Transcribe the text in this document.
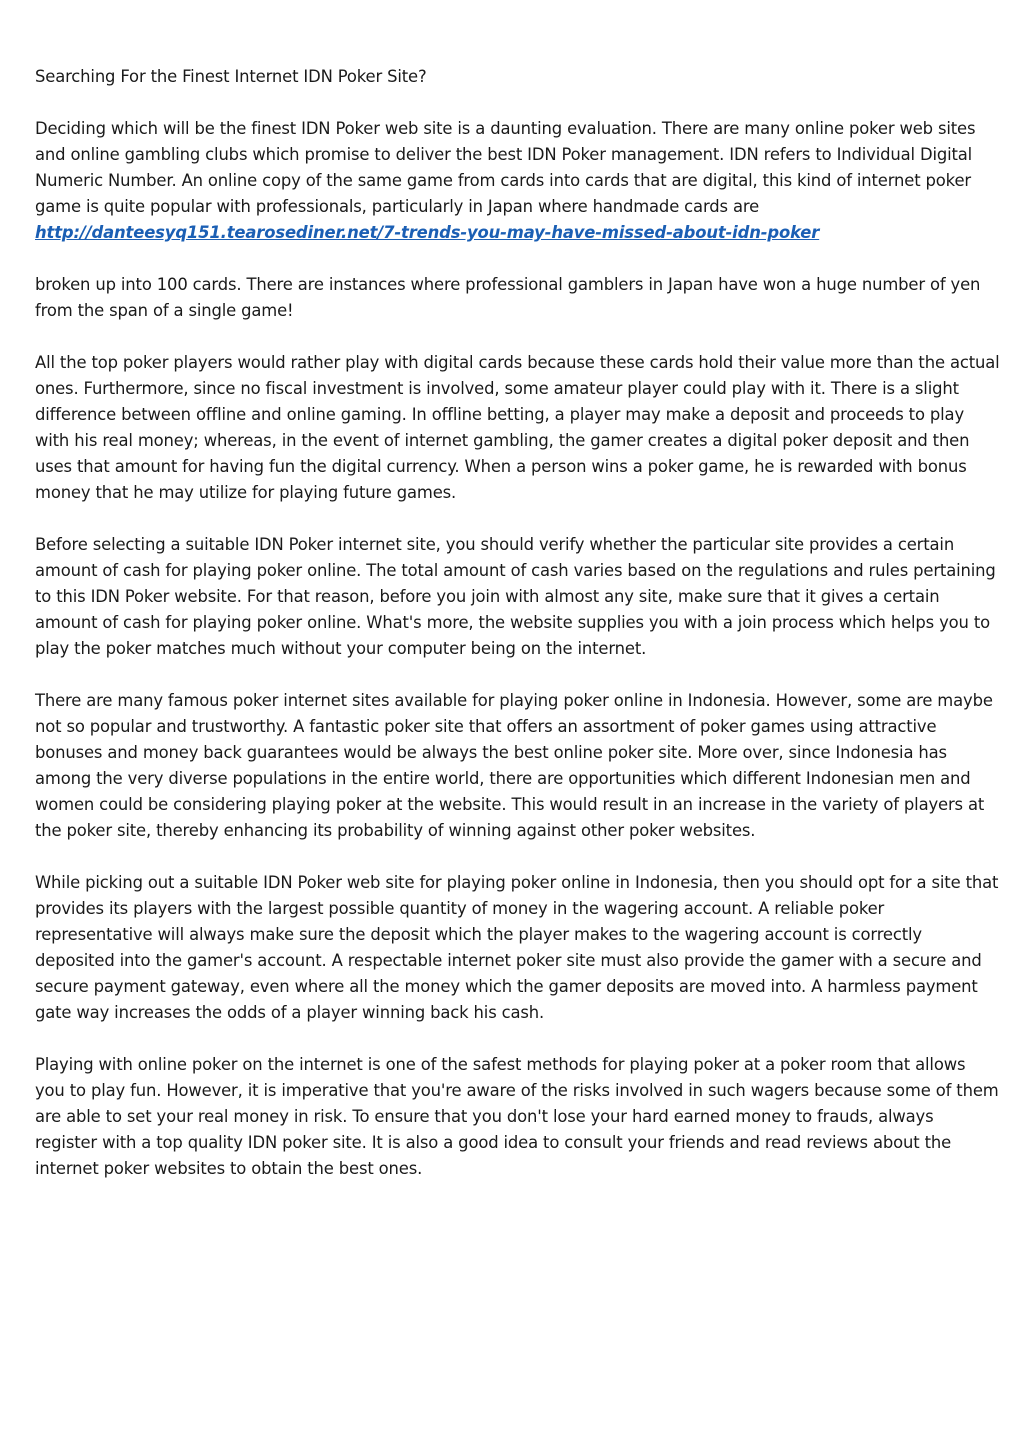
Searching For the Finest Internet IDN Poker Site?

Deciding which will be the finest IDN Poker web site is a daunting evaluation. There are many online poker web sites and online gambling clubs which promise to deliver the best IDN Poker management. IDN refers to Individual Digital Numeric Number. An online copy of the same game from cards into cards that are digital, this kind of internet poker game is quite popular with professionals, particularly in Japan where handmade cards are

http://danteesyq151.tearosediner.net/7-trends-you-may-have-missed-about-idn-poker

broken up into 100 cards. There are instances where professional gamblers in Japan have won a huge number of yen from the span of a single game!

All the top poker players would rather play with digital cards because these cards hold their value more than the actual ones. Furthermore, since no fiscal investment is involved, some amateur player could play with it. There is a slight difference between offline and online gaming. In offline betting, a player may make a deposit and proceeds to play with his real money; whereas, in the event of internet gambling, the gamer creates a digital poker deposit and then uses that amount for having fun the digital currency. When a person wins a poker game, he is rewarded with bonus money that he may utilize for playing future games.

Before selecting a suitable IDN Poker internet site, you should verify whether the particular site provides a certain amount of cash for playing poker online. The total amount of cash varies based on the regulations and rules pertaining to this IDN Poker website. For that reason, before you join with almost any site, make sure that it gives a certain amount of cash for playing poker online. What's more, the website supplies you with a join process which helps you to play the poker matches much without your computer being on the internet.

There are many famous poker internet sites available for playing poker online in Indonesia. However, some are maybe not so popular and trustworthy. A fantastic poker site that offers an assortment of poker games using attractive bonuses and money back guarantees would be always the best online poker site. More over, since Indonesia has among the very diverse populations in the entire world, there are opportunities which different Indonesian men and women could be considering playing poker at the website. This would result in an increase in the variety of players at the poker site, thereby enhancing its probability of winning against other poker websites.

While picking out a suitable IDN Poker web site for playing poker online in Indonesia, then you should opt for a site that provides its players with the largest possible quantity of money in the wagering account. A reliable poker representative will always make sure the deposit which the player makes to the wagering account is correctly deposited into the gamer's account. A respectable internet poker site must also provide the gamer with a secure and secure payment gateway, even where all the money which the gamer deposits are moved into. A harmless payment gate way increases the odds of a player winning back his cash.

Playing with online poker on the internet is one of the safest methods for playing poker at a poker room that allows you to play fun. However, it is imperative that you're aware of the risks involved in such wagers because some of them are able to set your real money in risk. To ensure that you don't lose your hard earned money to frauds, always register with a top quality IDN poker site. It is also a good idea to consult your friends and read reviews about the internet poker websites to obtain the best ones.
